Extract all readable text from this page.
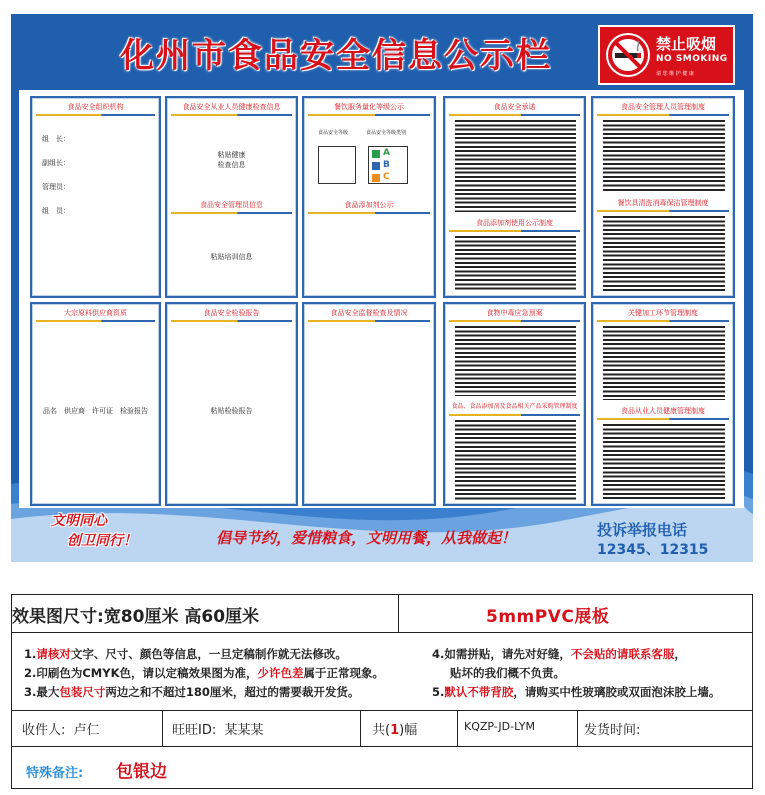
化州市食品安全信息公示栏	禁止吸烟
NO SMOKING
请 您 维 护 健 康
食品安全组织机构
组　长：
副组长：
管理员：
组　员：
食品安全从业人员健康检查信息
粘贴健康
检查信息
食品安全管理员信息
粘贴培训信息
餐饮服务量化等级公示
食品安全等级	食品安全等级类别
A
B
C
食品添加剂公示
食品安全承诺
食品添加剂使用公示制度
食品安全管理人员管理制度
餐饮具清洗消毒保洁管理制度
大宗原料供应商资质
品名　供应商　许可证　检验报告
食品安全检验报告
粘贴检验报告
食品安全监督检查及情况	食物中毒应急预案
食品、食品添加剂及食品相关产品采购管理制度
关键加工环节管理制度
食品从业人员健康管理制度
文明同心
创卫同行！	倡导节约，爱惜粮食，文明用餐，从我做起！	投诉举报电话
12345、12315
效果图尺寸:宽80厘米 高60厘米	5mmPVC展板
1.请核对文字、尺寸、颜色等信息，一旦定稿制作就无法修改。
2.印刷色为CMYK色，请以定稿效果图为准，少许色差属于正常现象。
3.最大包装尺寸两边之和不超过180厘米，超过的需要裁开发货。
4.如需拼贴，请先对好缝，不会贴的请联系客服，
贴坏的我们概不负责。
5.默认不带背胶，请购买中性玻璃胶或双面泡沫胶上墙。
收件人: 卢仁	旺旺ID: 某某某	共(1)幅	KQZP-JD-LYM	发货时间:
特殊备注: 包银边
